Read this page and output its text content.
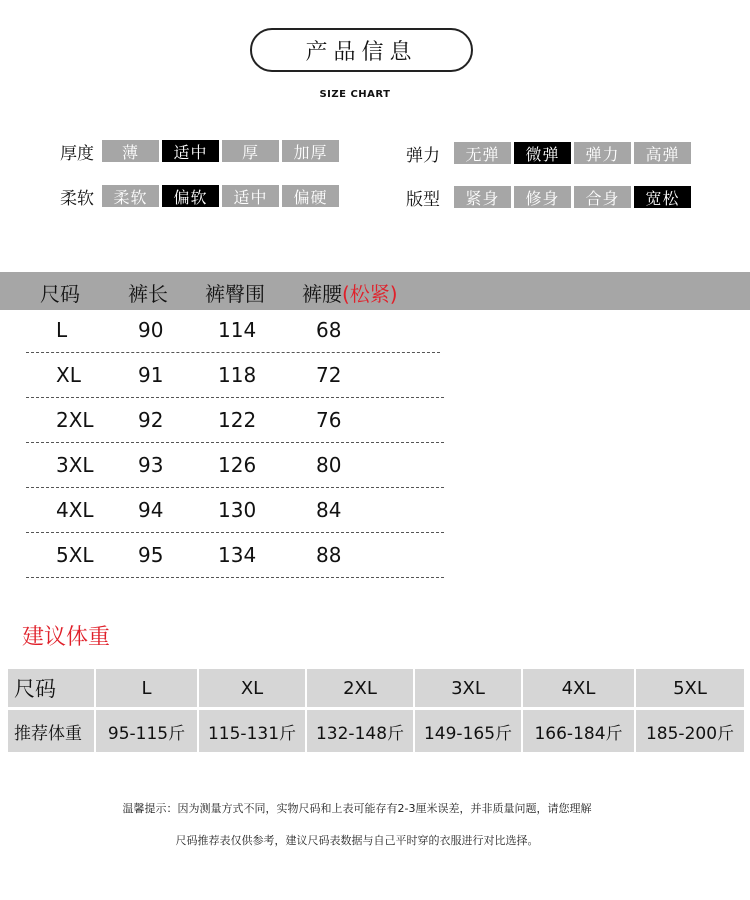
产品信息
SIZE CHART
厚度	薄	适中	厚	加厚	弹力	无弹	微弹	弹力	高弹
柔软	柔软	偏软	适中	偏硬	版型	紧身	修身	合身	宽松
尺码 裤长 裤臀围 裤腰(松紧)
L	90	114	68
XL	91	118	72
2XL 92	122	76
3XL 93	126	80
4XL 94	130	84
5XL 95	134	88
建议体重
尺码	L	XL	2XL	3XL	4XL	5XL
推荐体重	95-115斤	115-131斤	132-148斤	149-165斤	166-184斤	185-200斤
温馨提示：因为测量方式不同，实物尺码和上表可能存有2-3厘米误差，并非质量问题，请您理解
尺码推荐表仅供参考，建议尺码表数据与自己平时穿的衣服进行对比选择。
